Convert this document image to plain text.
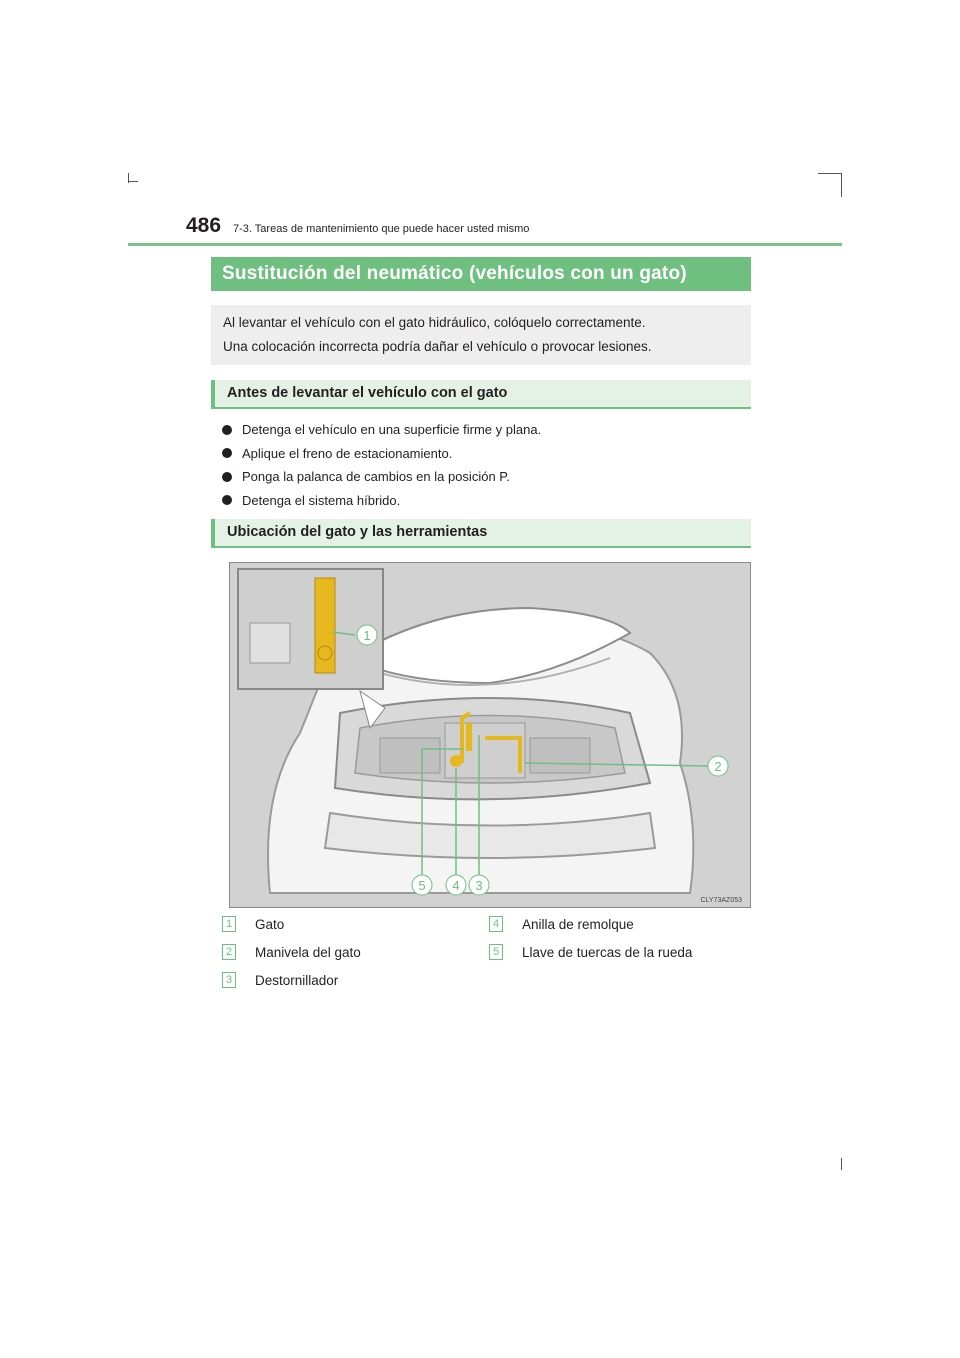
486 7-3. Tareas de mantenimiento que puede hacer usted mismo
Sustitución del neumático (vehículos con un gato)
Al levantar el vehículo con el gato hidráulico, colóquelo correctamente.
Una colocación incorrecta podría dañar el vehículo o provocar lesiones.
Antes de levantar el vehículo con el gato
Detenga el vehículo en una superficie firme y plana.
Aplique el freno de estacionamiento.
Ponga la palanca de cambios en la posición P.
Detenga el sistema híbrido.
Ubicación del gato y las herramientas
1
2
5 4 3
CLY73AZ053
1 Gato
2 Manivela del gato
3 Destornillador
4 Anilla de remolque
5 Llave de tuercas de la rueda
